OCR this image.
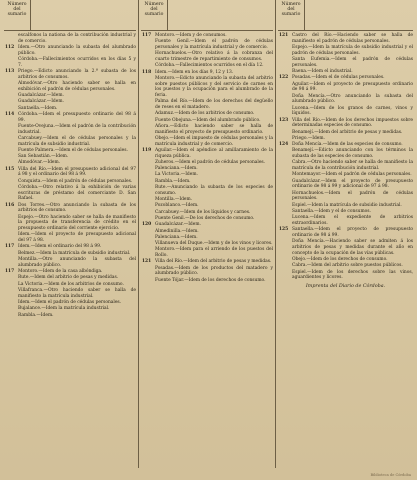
Número del sumario
escalfonos la nationa de la contribución industrial y de comercio.
112 Idem.—Otro anunciando la subasta del alumbrado público.
Córdoba.—Fallecimientos ocurridos en los días 5 y 7.
113 Priego.—Edicto anunciando la 2.ª subasta de los arbitrios de consumos.
Almodóvar.—Otro haciendo saber se halla en exhibición el padrón de cédulas personales.
Guadalcázar.—Idem.
Guadalcázar.—Idem.
Santaella.—Idem.
114 Córdoba.—Idem el presupuesto ordinario del 98 á 99.
Fuente-Ovejuna.—Idem el padrón de la contribución industrial.
Carcabuey.—Idem el de cédulas personales y la matrícula de subsidio industrial.
Fuente Palmera.—Idem el de cédulas personales.
San Sebastián.—Idem.
Almodóvar.—Idem.
115 Villa del Río.—Idem el presupuesto adicional del 97 á 98 y el ordinario del 98 á 99.
Conquista.—Idem el padrón de cédulas personales.
Córdoba.—Otro relativo á la exhibición de varias escrituras de préstamo del comerciante D. San Rafael.
116 Dos Torres.—Otro anunciando la subasta de los arbitrios de consumo.
Espejo.—Otro haciendo saber se halla de manifiesto la propuesta de transferencia de crédito en el presupuesto ordinario del corriente ejercicio.
Idem.—Idem el proyecto de presupuesto adicional del 97 á 98.
117 Idem.—Idem el ordinario del 98 á 99.
Belmez.—Idem la matrícula de subsidio industrial.
Montilla.—Otro anunciando la subasta del alumbrado público.
117 Montoro.—Idem de la casa albóndiga.
Rute.—Idem del arbitrio de pesas y medidas.
La Victoria.—Idem de los arbitrios de consumo.
Villafranca.—Otro haciendo saber se halla de manifiesto la matrícula industrial.
Idem.—Idem el padrón de cédulas personales.
Bujalance.—Idem la matrícula industrial.
Rambla.—Idem.
Número del sumario
117 Montoro.—Idem y de consumos.
Fuente Genil.—Idem el padrón de cédulas personales y la matrícula industrial y de comercio.
Hornachuelos.—Otro relativo á la cobranza del cuarto trimestre de repartimiento de consumos.
Córdoba.—Fallecimientos ocurridos en el día 12.
118 Idem.—Idem en los días 9, 12 y 13.
Montoro.—Edicto anunciando la subasta del arbitrio sobre puestos públicos y del servicio de carnes en los puestos y la ocupación para el alumbrado de la feria.
Palma del Río.—Idem de los derechos del degüello de reses en el matadero.
Adamuz.—Idem de los arbitrios de consumo.
Fuente Obejuna.—Idem del alumbrado público.
Añora.—Edicto haciendo saber se halla de manifiesto el proyecto de presupuesto ordinario.
Obejo.—Idem el impuesto de cédulas personales y la matrícula industrial y de comercio.
119 Aguilar.—Idem el apéndice al amillaramiento de la riqueza pública.
Zuheros.—Idem el padrón de cédulas personales.
Palenciana.—Idem.
La Victoria.—Idem.
Rambla.—Idem.
Rute.—Anunciando la subasta de los especies de consumo.
Montilla.—Idem.
Pozoblanco.—Idem.
Carcabuey.—Idem de los líquidos y carnes.
Puente Genil.—De los derechos de consumo.
120 Guadalcázar.—Idem.
Almedinilla.—Idem.
Palenciana.—Idem.
Villanueva del Duque.—Idem y de los vinos y licores.
Montoro.—Idem para el arriendo de los puestos del Rollo.
121 Villa del Río.—Idem del arbitrio de pesas y medidas.
Posadas.—Idem de los productos del matadero y alumbrado público.
Fuente Tójar.—Idem de los derechos de consumo.
Número del sumario
121 Castro del Río.—Haciendo saber se halla de manifiesto el padrón de cédulas personales.
Espejo.—Idem la matrícula de subsidio industrial y el padrón de cédulas personales.
Santa Eufemia.—Idem el padrón de cédulas personales.
Baena.—Idem el industrial.
122 Posadas.—Idem el de cédulas personales.
Aguilar.—Idem el proyecto de presupuesto ordinario de 98 á 99.
Doña Mencía.—Otro anunciando la subasta del alumbrado público.
Lucena.—Idem de los granos de carnes, vinos y líquidos.
123 Villa del Río.—Idem de los derechos impuestos sobre determinadas especies de consumo.
Benamejí.—Idem del arbitrio de pesas y medidas.
Priego.—Idem.
124 Doña Mencía.—Idem de las especies de consumo.
Benamejí.—Edicto anunciando con los términos la subasta de las especies de consumo.
Cabra.—Otro haciendo saber se halla de manifiesto la matrícula de la contribución industrial.
Montemayor.—Idem el padrón de cédulas personales.
Guadalcázar.—Idem el proyecto de presupuesto ordinario de 98 á 99 y adicional de 97 á 98.
Hornachuelos.—Idem el padrón de cédulas personales.
Espiel.—Idem la matrícula de subsidio industrial.
Santaella.—Idem y el de consumos.
Lucena.—Idem el expediente de arbitrios extraordinarios.
125 Santaella.—Idem el proyecto de presupuesto ordinario de 98 á 99.
Doña Mencía.—Haciendo saber se admiten á los arbitrios de pesas y medidas durante el año en concepto de la ocupación de las vías públicas.
Obejo.—Idem de los derechos de consumo.
Cabra.—Idem del arbitrio sobre puestos públicos.
Espiel.—Idem de los derechos sobre las vinos, aguardientes y licores.
Imprenta del Diario de Córdoba.
Biblioteca de Córdoba
